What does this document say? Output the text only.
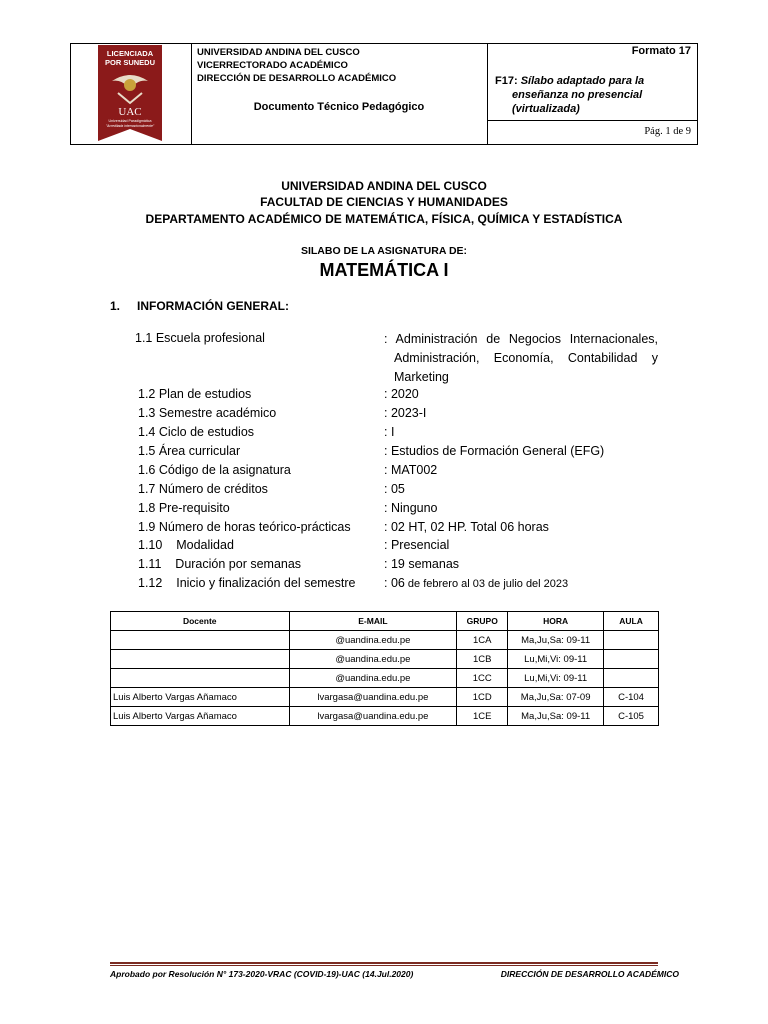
LICENCIADA
POR SUNEDU
UAC
Universidad Paradigmática
"Acreditada internacionalmente"
UNIVERSIDAD ANDINA DEL CUSCO
VICERRECTORADO ACADÉMICO
DIRECCIÓN DE DESARROLLO ACADÉMICO
Documento Técnico Pedagógico
Formato 17
F17: Sílabo adaptado para la
enseñanza no presencial
(virtualizada)
Pág. 1 de 9
UNIVERSIDAD ANDINA DEL CUSCO
FACULTAD DE CIENCIAS Y HUMANIDADES
DEPARTAMENTO ACADÉMICO DE MATEMÁTICA, FÍSICA, QUÍMICA Y ESTADÍSTICA
SILABO DE LA ASIGNATURA DE:
MATEMÁTICA I
1. INFORMACIÓN GENERAL:
1.1 Escuela profesional	: Administración de Negocios Internacionales, Administración, Economía, Contabilidad y Marketing
1.2 Plan de estudios	: 2020
1.3 Semestre académico	: 2023-I
1.4 Ciclo de estudios	: I
1.5 Área curricular	: Estudios de Formación General (EFG)
1.6 Código de la asignatura	: MAT002
1.7 Número de créditos	: 05
1.8 Pre-requisito	: Ninguno
1.9 Número de horas teórico-prácticas	: 02 HT, 02 HP. Total 06 horas
1.10    Modalidad	: Presencial
1.11    Duración por semanas	: 19 semanas
1.12    Inicio y finalización del semestre : 06 de febrero al 03 de julio del 2023
Docente	E-MAIL	GRUPO	HORA	AULA
	@uandina.edu.pe	1CA	Ma,Ju,Sa: 09-11	
	@uandina.edu.pe	1CB	Lu,Mi,Vi: 09-11	
	@uandina.edu.pe	1CC	Lu,Mi,Vi: 09-11	
Luis Alberto Vargas Añamaco	lvargasa@uandina.edu.pe	1CD	Ma,Ju,Sa: 07-09	C-104
Luis Alberto Vargas Añamaco	lvargasa@uandina.edu.pe	1CE	Ma,Ju,Sa: 09-11	C-105
Aprobado por Resolución N° 173-2020-VRAC (COVID-19)-UAC (14.Jul.2020)	DIRECCIÓN DE DESARROLLO ACADÉMICO
